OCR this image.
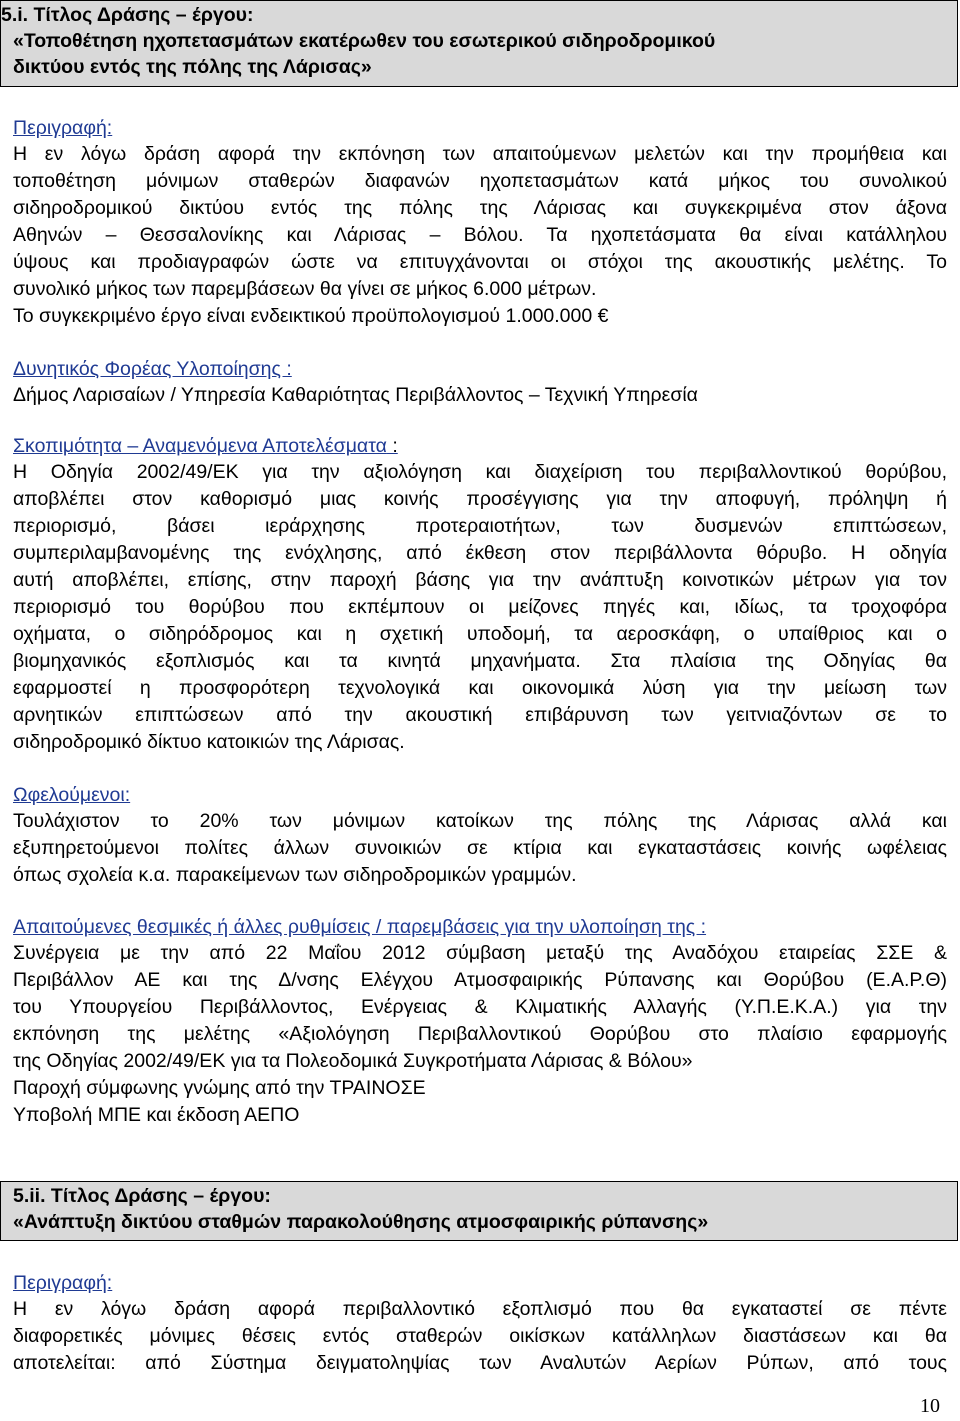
5.i. Τίτλος Δράσης – έργου:
«Τοποθέτηση ηχοπετασμάτων εκατέρωθεν του εσωτερικού σιδηροδρομικού
δικτύου εντός της πόλης της Λάρισας»
Περιγραφή:
Η εν λόγω δράση αφορά την εκπόνηση των απαιτούμενων μελετών και την προμήθεια και
τοποθέτηση μόνιμων σταθερών διαφανών ηχοπετασμάτων κατά μήκος του συνολικού
σιδηροδρομικού δικτύου εντός της πόλης της Λάρισας και συγκεκριμένα στον άξονα
Αθηνών – Θεσσαλονίκης και Λάρισας – Βόλου. Τα ηχοπετάσματα θα είναι κατάλληλου
ύψους και προδιαγραφών ώστε να επιτυγχάνονται οι στόχοι της ακουστικής μελέτης. Το
συνολικό μήκος των παρεμβάσεων θα γίνει σε μήκος 6.000 μέτρων.
Το συγκεκριμένο έργο είναι ενδεικτικού προϋπολογισμού 1.000.000 €
Δυνητικός Φορέας Υλοποίησης :
Δήμος Λαρισαίων / Υπηρεσία Καθαριότητας Περιβάλλοντος – Τεχνική Υπηρεσία
Σκοπιμότητα – Αναμενόμενα Αποτελέσματα :
Η Οδηγία 2002/49/ΕΚ για την αξιολόγηση και διαχείριση του περιβαλλοντικού θορύβου,
αποβλέπει στον καθορισμό μιας κοινής προσέγγισης για την αποφυγή, πρόληψη ή
περιορισμό, βάσει ιεράρχησης προτεραιοτήτων, των δυσμενών επιπτώσεων,
συμπεριλαμβανομένης της ενόχλησης, από έκθεση στον περιβάλλοντα θόρυβο. Η οδηγία
αυτή αποβλέπει, επίσης, στην παροχή βάσης για την ανάπτυξη κοινοτικών μέτρων για τον
περιορισμό του θορύβου που εκπέμπουν οι μείζονες πηγές και, ιδίως, τα τροχοφόρα
οχήματα, ο σιδηρόδρομος και η σχετική υποδομή, τα αεροσκάφη, ο υπαίθριος και ο
βιομηχανικός εξοπλισμός και τα κινητά μηχανήματα. Στα πλαίσια της Οδηγίας θα
εφαρμοστεί η προσφορότερη τεχνολογικά και οικονομικά λύση για την μείωση των
αρνητικών επιπτώσεων από την ακουστική επιβάρυνση των γειτνιαζόντων σε το
σιδηροδρομικό δίκτυο κατοικιών της Λάρισας.
Ωφελούμενοι:
Τουλάχιστον το 20% των μόνιμων κατοίκων της πόλης της Λάρισας αλλά και
εξυπηρετούμενοι πολίτες άλλων συνοικιών σε κτίρια και εγκαταστάσεις κοινής ωφέλειας
όπως σχολεία κ.α. παρακείμενων των σιδηροδρομικών γραμμών.
Απαιτούμενες θεσμικές ή άλλες ρυθμίσεις / παρεμβάσεις για την υλοποίηση της :
Συνέργεια με την από 22 Μαΐου 2012 σύμβαση μεταξύ της Αναδόχου εταιρείας ΣΣΕ &
Περιβάλλον ΑΕ και της Δ/νσης Ελέγχου Ατμοσφαιρικής Ρύπανσης και Θορύβου (Ε.Α.Ρ.Θ)
του Υπουργείου Περιβάλλοντος, Ενέργειας & Κλιματικής Αλλαγής (Υ.Π.Ε.Κ.Α.) για την
εκπόνηση της μελέτης «Αξιολόγηση Περιβαλλοντικού Θορύβου στο πλαίσιο εφαρμογής
της Οδηγίας 2002/49/ΕΚ για τα Πολεοδομικά Συγκροτήματα Λάρισας & Βόλου»
Παροχή σύμφωνης γνώμης από την ΤΡΑΙΝΟΣΕ
Υποβολή ΜΠΕ και έκδοση ΑΕΠΟ
5.ii. Τίτλος Δράσης – έργου:
«Ανάπτυξη δικτύου σταθμών παρακολούθησης ατμοσφαιρικής ρύπανσης»
Περιγραφή:
Η εν λόγω δράση αφορά περιβαλλοντικό εξοπλισμό που θα εγκαταστεί σε πέντε
διαφορετικές μόνιμες θέσεις εντός σταθερών οικίσκων κατάλληλων διαστάσεων και θα
αποτελείται: από Σύστημα δειγματοληψίας των Αναλυτών Αερίων Ρύπων, από τους
10
